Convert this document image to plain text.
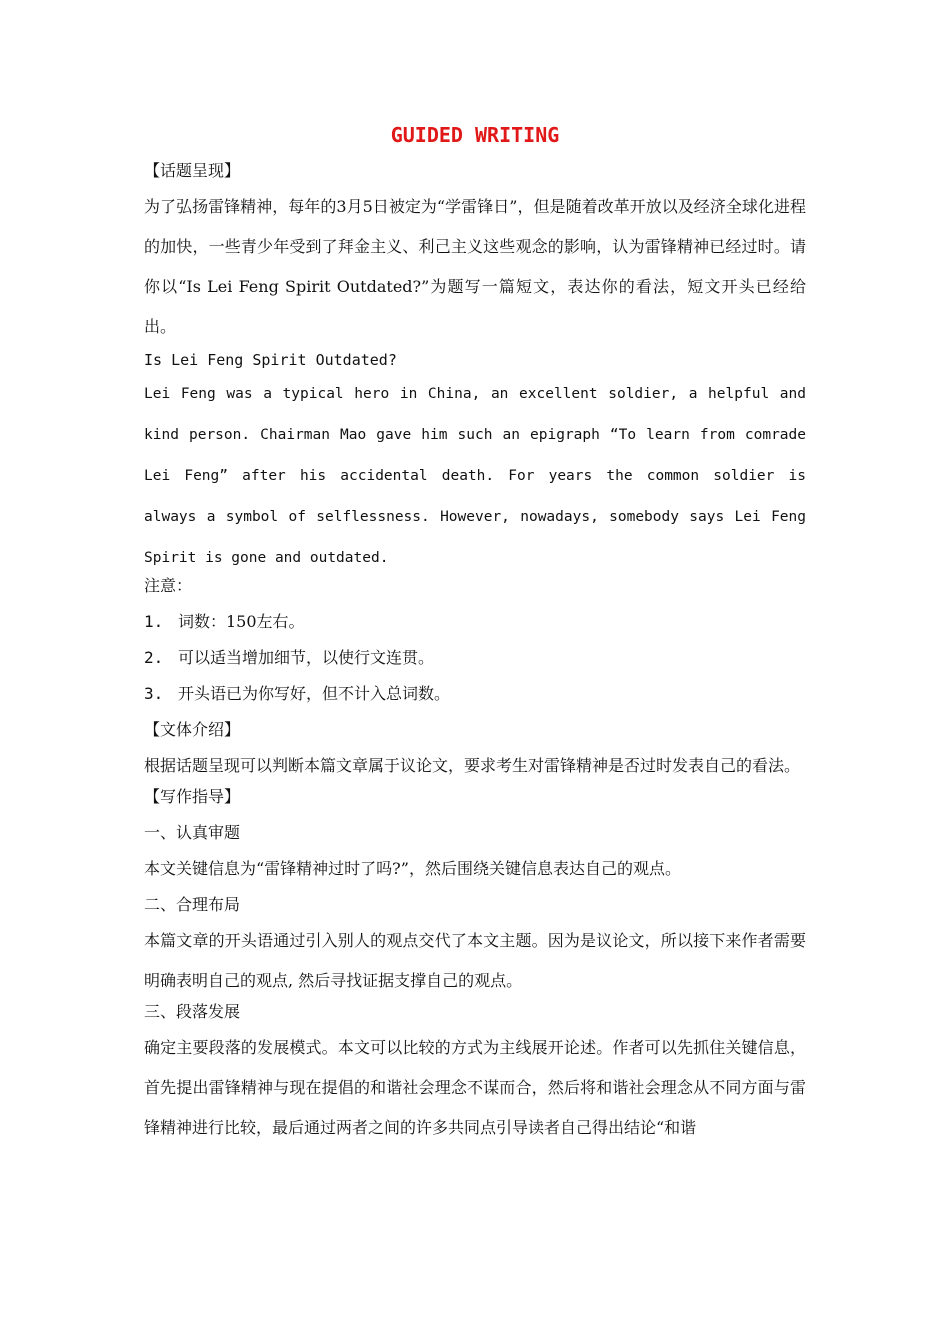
GUIDED WRITING
【话题呈现】
为了弘扬雷锋精神，每年的3月5日被定为“学雷锋日”，但是随着改革开放以及经济全球化进程的加快，一些青少年受到了拜金主义、利己主义这些观念的影响，认为雷锋精神已经过时。请你以“Is Lei Feng Spirit Outdated?”为题写一篇短文，表达你的看法，短文开头已经给出。
Is Lei Feng Spirit Outdated?
Lei Feng was a typical hero in China, an excellent soldier, a helpful and kind person. Chairman Mao gave him such an epigraph “To learn from comrade Lei Feng” after his accidental death. For years the common soldier is always a symbol of selflessness. However, nowadays, somebody says Lei Feng Spirit is gone and outdated.
注意：
1. 词数：150左右。
2. 可以适当增加细节，以使行文连贯。
3. 开头语已为你写好，但不计入总词数。
【文体介绍】
根据话题呈现可以判断本篇文章属于议论文，要求考生对雷锋精神是否过时发表自己的看法。
【写作指导】
一、认真审题
本文关键信息为“雷锋精神过时了吗?”，然后围绕关键信息表达自己的观点。
二、合理布局
本篇文章的开头语通过引入别人的观点交代了本文主题。因为是议论文，所以接下来作者需要明确表明自己的观点, 然后寻找证据支撑自己的观点。
三、段落发展
确定主要段落的发展模式。本文可以比较的方式为主线展开论述。作者可以先抓住关键信息，首先提出雷锋精神与现在提倡的和谐社会理念不谋而合，然后将和谐社会理念从不同方面与雷锋精神进行比较，最后通过两者之间的许多共同点引导读者自己得出结论“和谐
